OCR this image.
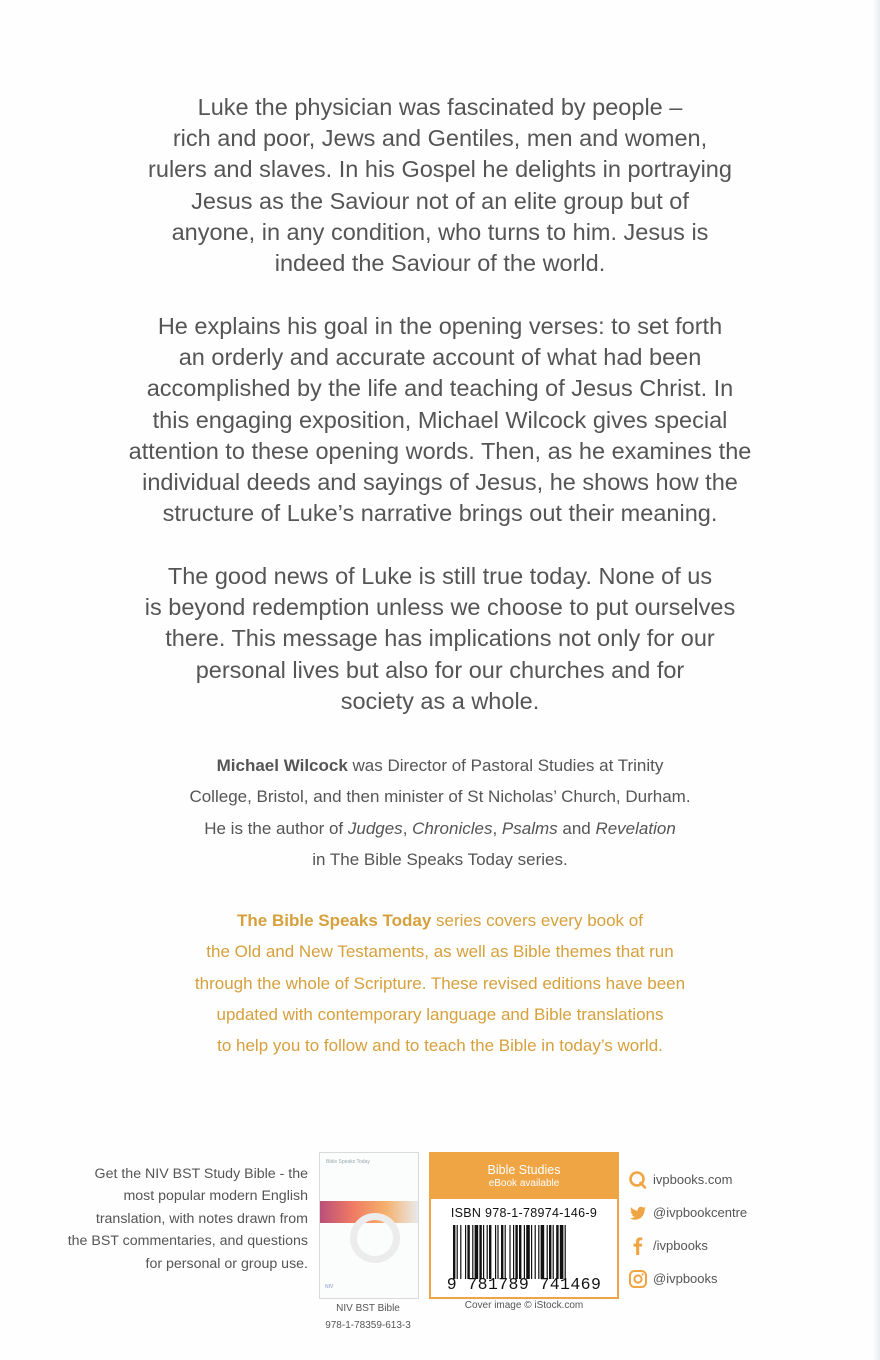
Luke the physician was fascinated by people –
rich and poor, Jews and Gentiles, men and women,
rulers and slaves. In his Gospel he delights in portraying
Jesus as the Saviour not of an elite group but of
anyone, in any condition, who turns to him. Jesus is
indeed the Saviour of the world.
He explains his goal in the opening verses: to set forth
an orderly and accurate account of what had been
accomplished by the life and teaching of Jesus Christ. In
this engaging exposition, Michael Wilcock gives special
attention to these opening words. Then, as he examines the
individual deeds and sayings of Jesus, he shows how the
structure of Luke’s narrative brings out their meaning.
The good news of Luke is still true today. None of us
is beyond redemption unless we choose to put ourselves
there. This message has implications not only for our
personal lives but also for our churches and for
society as a whole.
Michael Wilcock was Director of Pastoral Studies at Trinity
College, Bristol, and then minister of St Nicholas’ Church, Durham.
He is the author of Judges, Chronicles, Psalms and Revelation
in The Bible Speaks Today series.
The Bible Speaks Today series covers every book of
the Old and New Testaments, as well as Bible themes that run
through the whole of Scripture. These revised editions have been
updated with contemporary language and Bible translations
to help you to follow and to teach the Bible in today’s world.
Get the NIV BST Study Bible - the
most popular modern English
translation, with notes drawn from
the BST commentaries, and questions
for personal or group use.
Bible Speaks Today
NIV
NIV BST Bible
978-1-78359-613-3
Bible Studies
eBook available
ISBN 978-1-78974-146-9
9 781789 741469
Cover image © iStock.com
ivpbooks.com
@ivpbookcentre
/ivpbooks
@ivpbooks
